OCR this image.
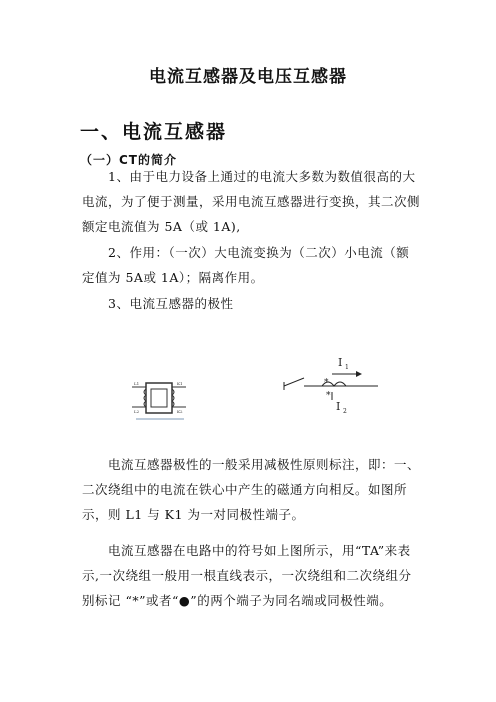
电流互感器及电压互感器
一、电流互感器
（一）CT的简介
1、由于电力设备上通过的电流大多数为数值很高的大电流，为了便于测量，采用电流互感器进行变换，其二次侧额定电流值为 5A（或 1A),
2、作用：（一次）大电流变换为（二次）小电流（额定值为 5A或 1A）；隔离作用。
3、电流互感器的极性
L1
L2
K1
K2
I 1
*
*
I 2
电流互感器极性的一般采用减极性原则标注，即：一、二次绕组中的电流在铁心中产生的磁通方向相反。如图所示，则 L1 与 K1 为一对同极性端子。
电流互感器在电路中的符号如上图所示，用“TA”来表示,一次绕组一般用一根直线表示，一次绕组和二次绕组分别标记 “*”或者“●”的两个端子为同名端或同极性端。
